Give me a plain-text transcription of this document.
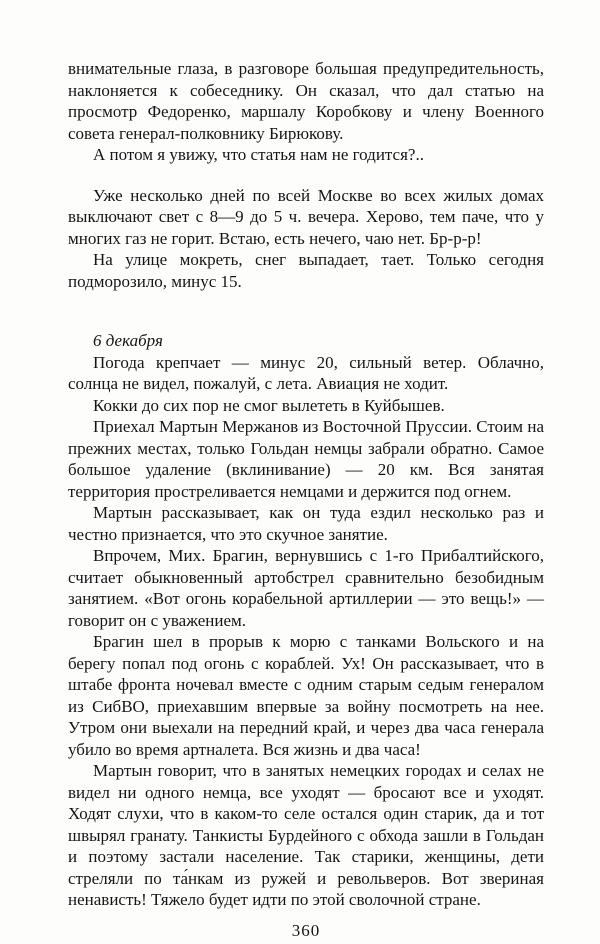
внимательные глаза, в разговоре большая предупредительность, наклоняется к собеседнику. Он сказал, что дал статью на просмотр Федоренко, маршалу Коробкову и члену Военного совета генерал-полковнику Бирюкову.

А потом я увижу, что статья нам не годится?..

Уже несколько дней по всей Москве во всех жилых домах выключают свет с 8—9 до 5 ч. вечера. Херово, тем паче, что у многих газ не горит. Встаю, есть нечего, чаю нет. Бр-р-р!

На улице мокреть, снег выпадает, тает. Только сегодня подморозило, минус 15.

6 декабря

Погода крепчает — минус 20, сильный ветер. Облачно, солнца не видел, пожалуй, с лета. Авиация не ходит.

Кокки до сих пор не смог вылететь в Куйбышев.

Приехал Мартын Мержанов из Восточной Пруссии. Стоим на прежних местах, только Гольдан немцы забрали обратно. Самое большое удаление (вклинивание) — 20 км. Вся занятая территория простреливается немцами и держится под огнем.

Мартын рассказывает, как он туда ездил несколько раз и честно признается, что это скучное занятие.

Впрочем, Мих. Брагин, вернувшись с 1-го Прибалтийского, считает обыкновенный артобстрел сравнительно безобидным занятием. «Вот огонь корабельной артиллерии — это вещь!» — говорит он с уважением.

Брагин шел в прорыв к морю с танками Вольского и на берегу попал под огонь с кораблей. Ух! Он рассказывает, что в штабе фронта ночевал вместе с одним старым седым генералом из СибВО, приехавшим впервые за войну посмотреть на нее. Утром они выехали на передний край, и через два часа генерала убило во время артналета. Вся жизнь и два часа!

Мартын говорит, что в занятых немецких городах и селах не видел ни одного немца, все уходят — бросают все и уходят. Ходят слухи, что в каком-то селе остался один старик, да и тот швырял гранату. Танкисты Бурдейного с обхода зашли в Гольдан и поэтому застали население. Так старики, женщины, дети стреляли по та́нкам из ружей и револьверов. Вот звериная ненависть! Тяжело будет идти по этой сволочной стране.

360
